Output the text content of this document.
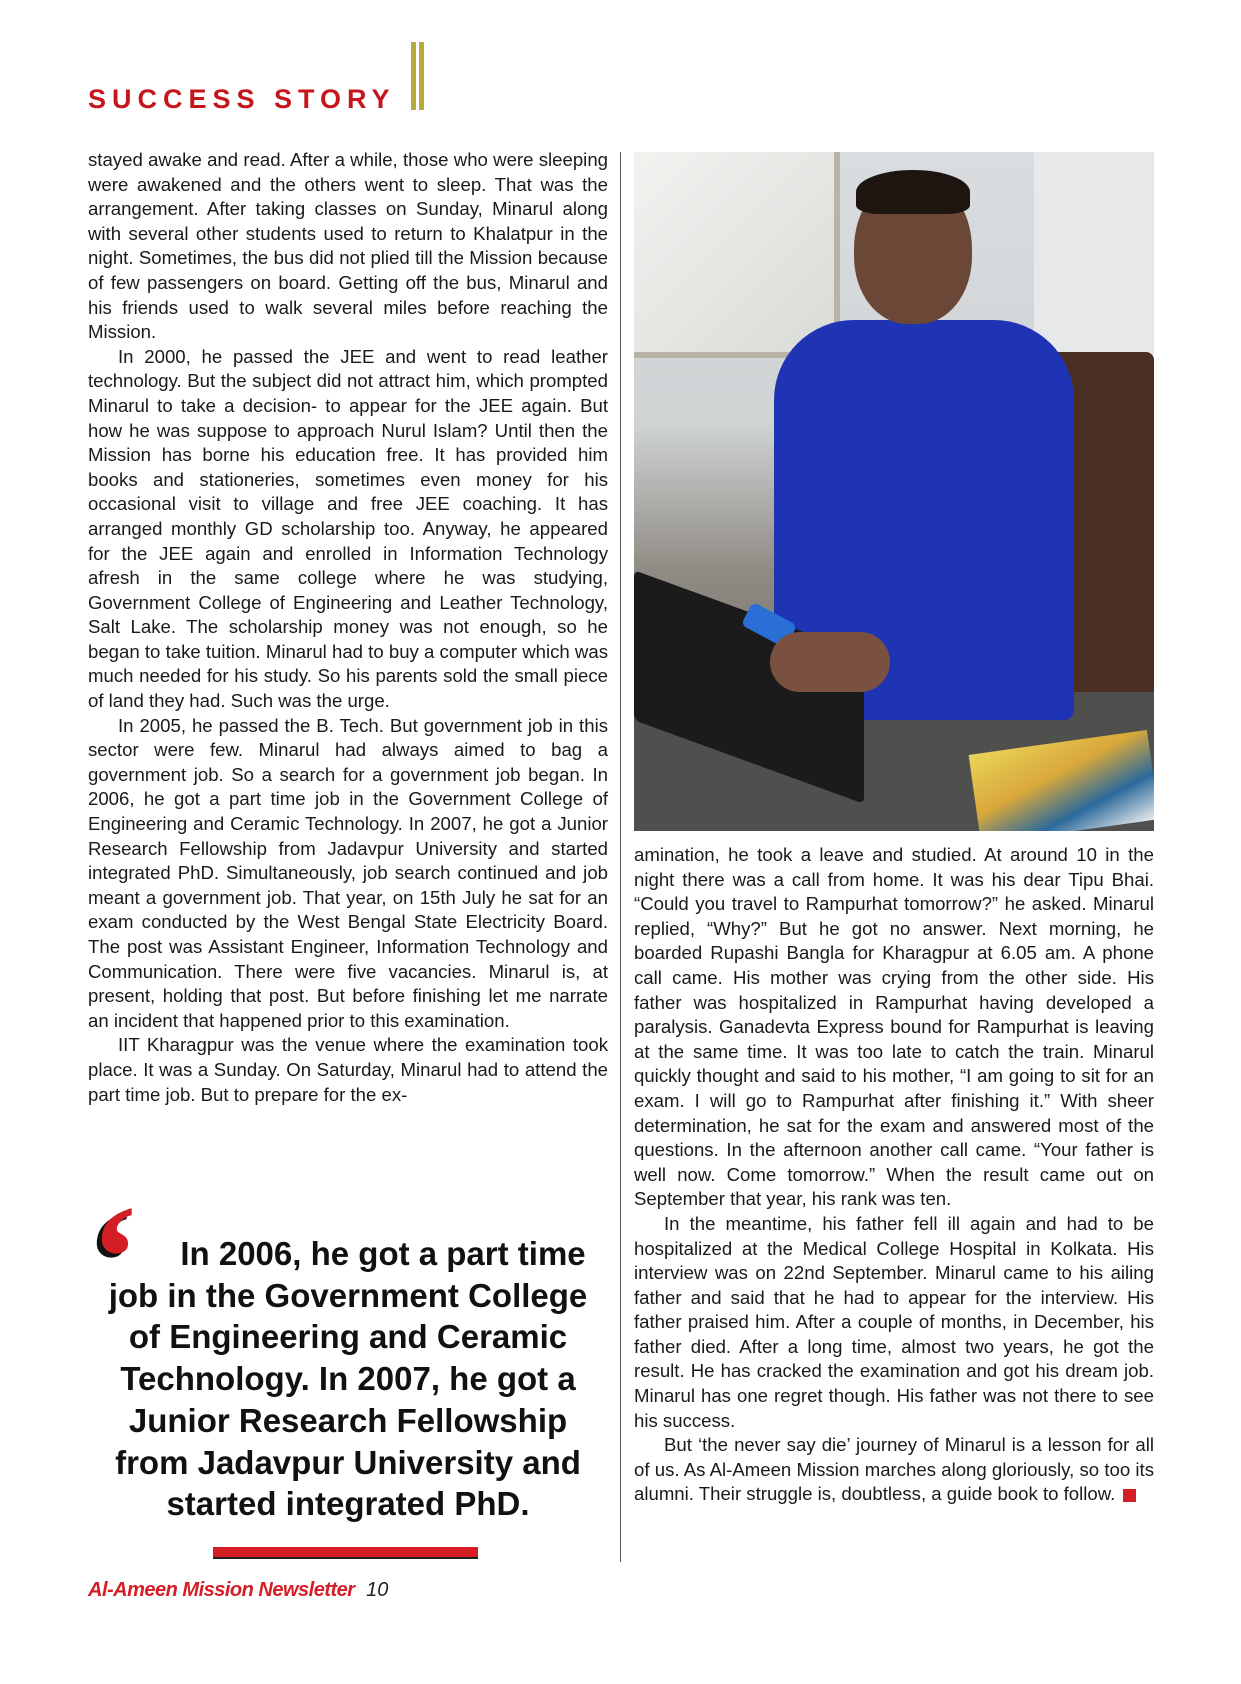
SUCCESS STORY

stayed awake and read. After a while, those who were sleeping were awakened and the others went to sleep. That was the arrangement. After taking classes on Sunday, Minarul along with several other students used to return to Khalatpur in the night. Sometimes, the bus did not plied till the Mission because of few passengers on board. Getting off the bus, Minarul and his friends used to walk several miles before reaching the Mission.

In 2000, he passed the JEE and went to read leather technology. But the subject did not attract him, which prompted Minarul to take a decision- to appear for the JEE again. But how he was suppose to approach Nurul Islam? Until then the Mission has borne his education free. It has provided him books and stationeries, sometimes even money for his occasional visit to village and free JEE coaching. It has arranged monthly GD scholarship too. Anyway, he appeared for the JEE again and enrolled in Information Technology afresh in the same college where he was studying, Government College of Engineering and Leather Technology, Salt Lake. The scholarship money was not enough, so he began to take tuition. Minarul had to buy a computer which was much needed for his study. So his parents sold the small piece of land they had. Such was the urge.

In 2005, he passed the B. Tech. But government job in this sector were few. Minarul had always aimed to bag a government job. So a search for a government job began. In 2006, he got a part time job in the Government College of Engineering and Ceramic Technology. In 2007, he got a Junior Research Fellowship from Jadavpur University and started integrated PhD. Simultaneously, job search continued and job meant a government job. That year, on 15th July he sat for an exam conducted by the West Bengal State Electricity Board. The post was Assistant Engineer, Information Technology and Communication. There were five vacancies. Minarul is, at present, holding that post. But before finishing let me narrate an incident that happened prior to this examination.

IIT Kharagpur was the venue where the examination took place. It was a Sunday. On Saturday, Minarul had to attend the part time job. But to prepare for the ex-

amination, he took a leave and studied. At around 10 in the night there was a call from home. It was his dear Tipu Bhai. “Could you travel to Rampurhat tomorrow?” he asked. Minarul replied, “Why?” But he got no answer. Next morning, he boarded Rupashi Bangla for Kharagpur at 6.05 am. A phone call came. His mother was crying from the other side. His father was hospitalized in Rampurhat having developed a paralysis. Ganadevta Express bound for Rampurhat is leaving at the same time. It was too late to catch the train. Minarul quickly thought and said to his mother, “I am going to sit for an exam. I will go to Rampurhat after finishing it.” With sheer determination, he sat for the exam and answered most of the questions. In the afternoon another call came. “Your father is well now. Come tomorrow.” When the result came out on September that year, his rank was ten.

In the meantime, his father fell ill again and had to be hospitalized at the Medical College Hospital in Kolkata. His interview was on 22nd September. Minarul came to his ailing father and said that he had to appear for the interview. His father praised him. After a couple of months, in December, his father died. After a long time, almost two years, he got the result. He has cracked the examination and got his dream job. Minarul has one regret though. His father was not there to see his success.

But ‘the never say die’ journey of Minarul is a lesson for all of us. As Al-Ameen Mission marches along gloriously, so too its alumni. Their struggle is, doubtless, a guide book to follow.

‘	In 2006, he got a part time job in the Government College of Engineering and Ceramic Technology. In 2007, he got a Junior Research Fellowship from Jadavpur University and started integrated PhD.
Al-Ameen Mission Newsletter 10
